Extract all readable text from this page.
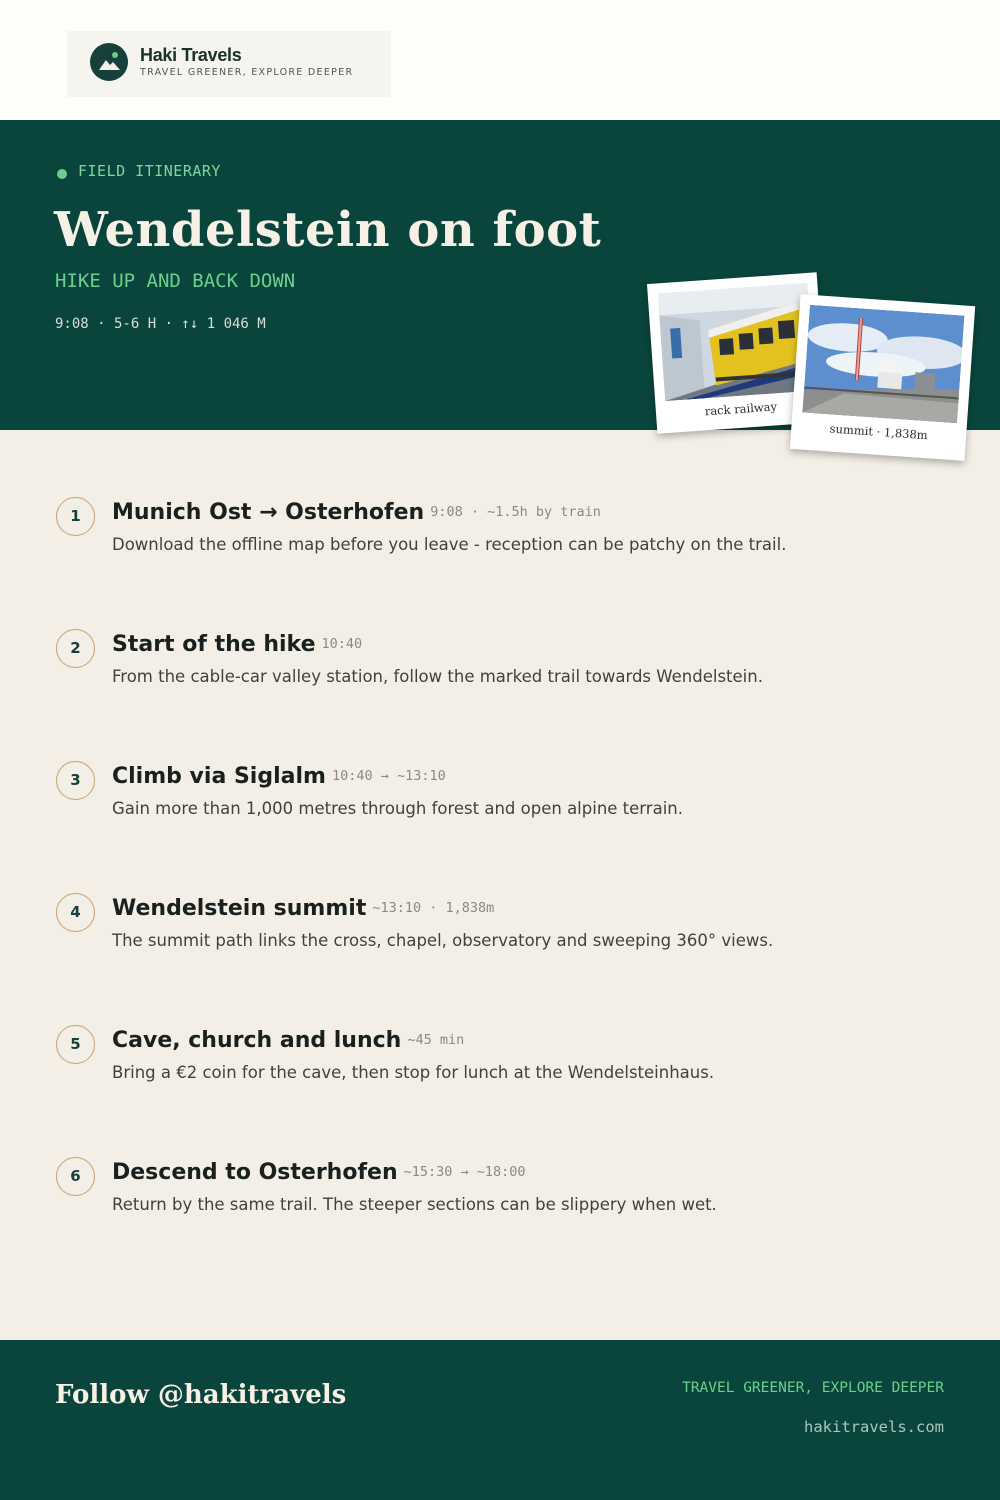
Haki Travels
TRAVEL GREENER, EXPLORE DEEPER
FIELD ITINERARY
Wendelstein on foot
HIKE UP AND BACK DOWN
9:08 · 5-6 H · ↑↓ 1 046 M
rack railway
summit · 1,838m
1	Munich Ost → Osterhofen 9:08 · ~1.5h by train
Download the offline map before you leave - reception can be patchy on the trail.
2	Start of the hike 10:40
From the cable-car valley station, follow the marked trail towards Wendelstein.
3	Climb via Siglalm 10:40 → ~13:10
Gain more than 1,000 metres through forest and open alpine terrain.
4	Wendelstein summit ~13:10 · 1,838m
The summit path links the cross, chapel, observatory and sweeping 360° views.
5	Cave, church and lunch ~45 min
Bring a €2 coin for the cave, then stop for lunch at the Wendelsteinhaus.
6	Descend to Osterhofen ~15:30 → ~18:00
Return by the same trail. The steeper sections can be slippery when wet.
Follow @hakitravels	TRAVEL GREENER, EXPLORE DEEPER
hakitravels.com
